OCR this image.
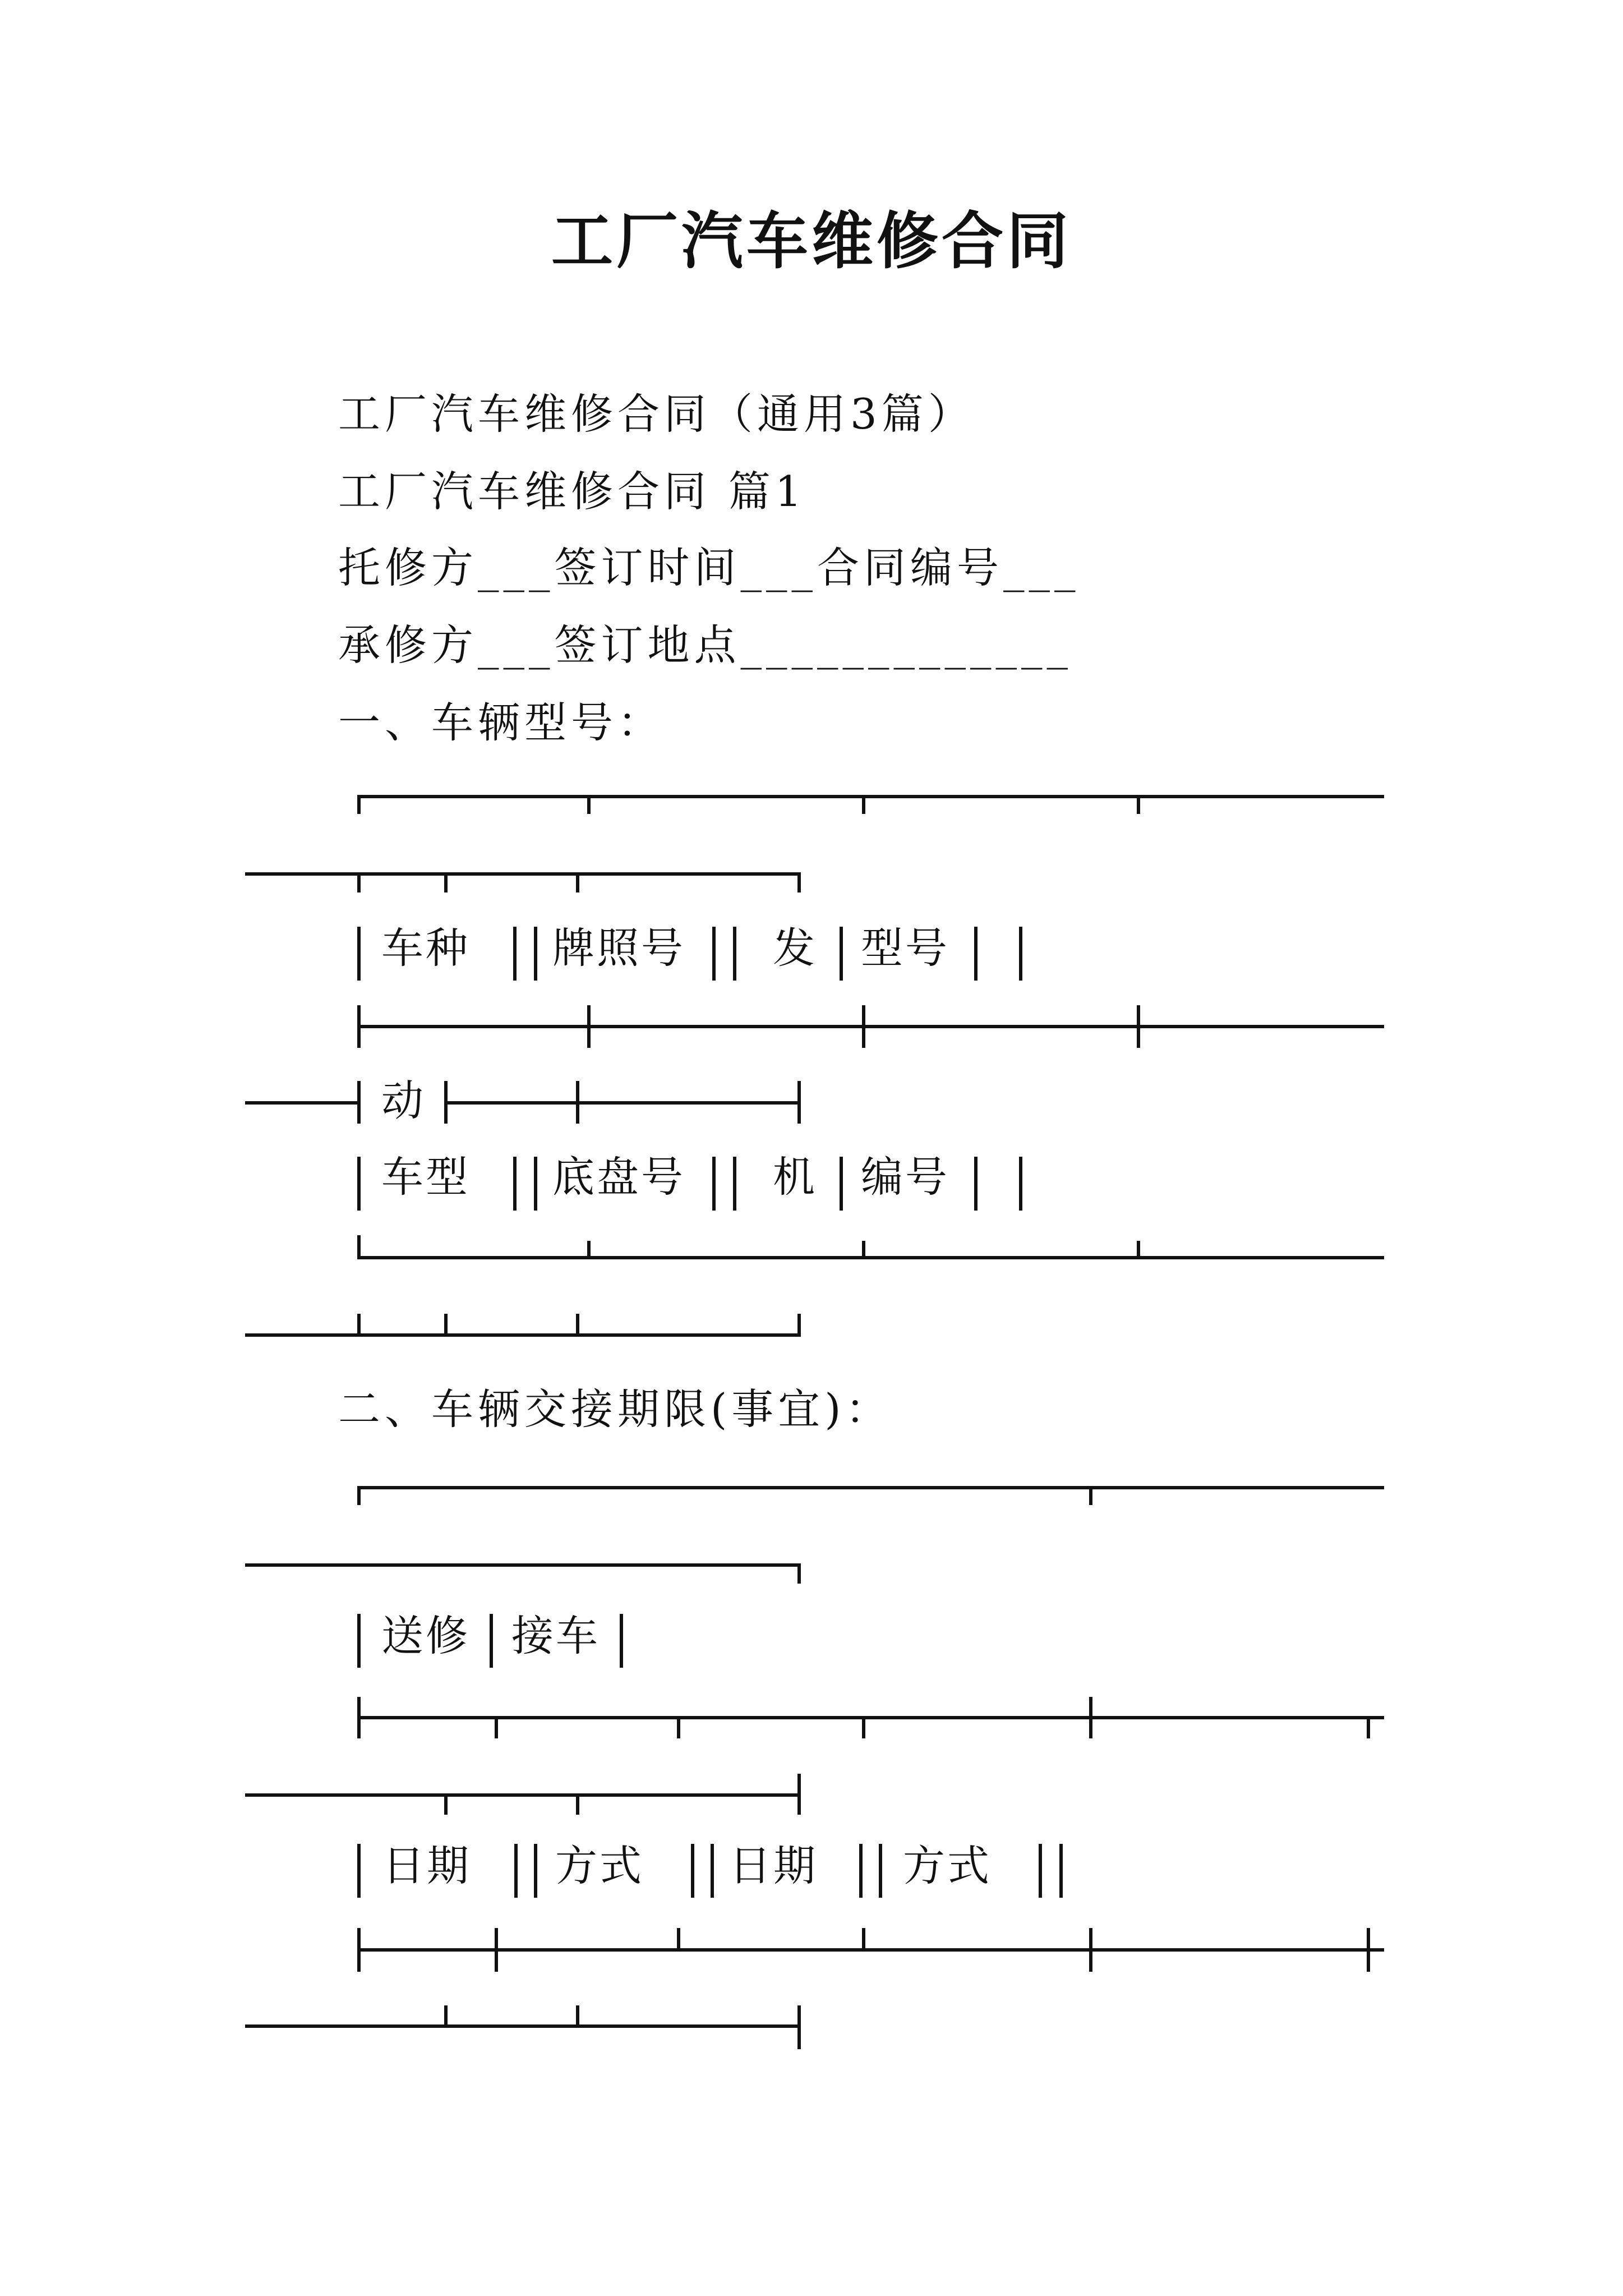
工厂汽车维修合同
工厂汽车维修合同（通用3篇）
工厂汽车维修合同 篇1
托修方___签订时间___合同编号___
承修方___签订地点_____________
一、车辆型号：
车种 牌照号 发 型号
动
车型 底盘号 机 编号
二、车辆交接期限(事宜)：
送修 接车
日期 方式 日期 方式
